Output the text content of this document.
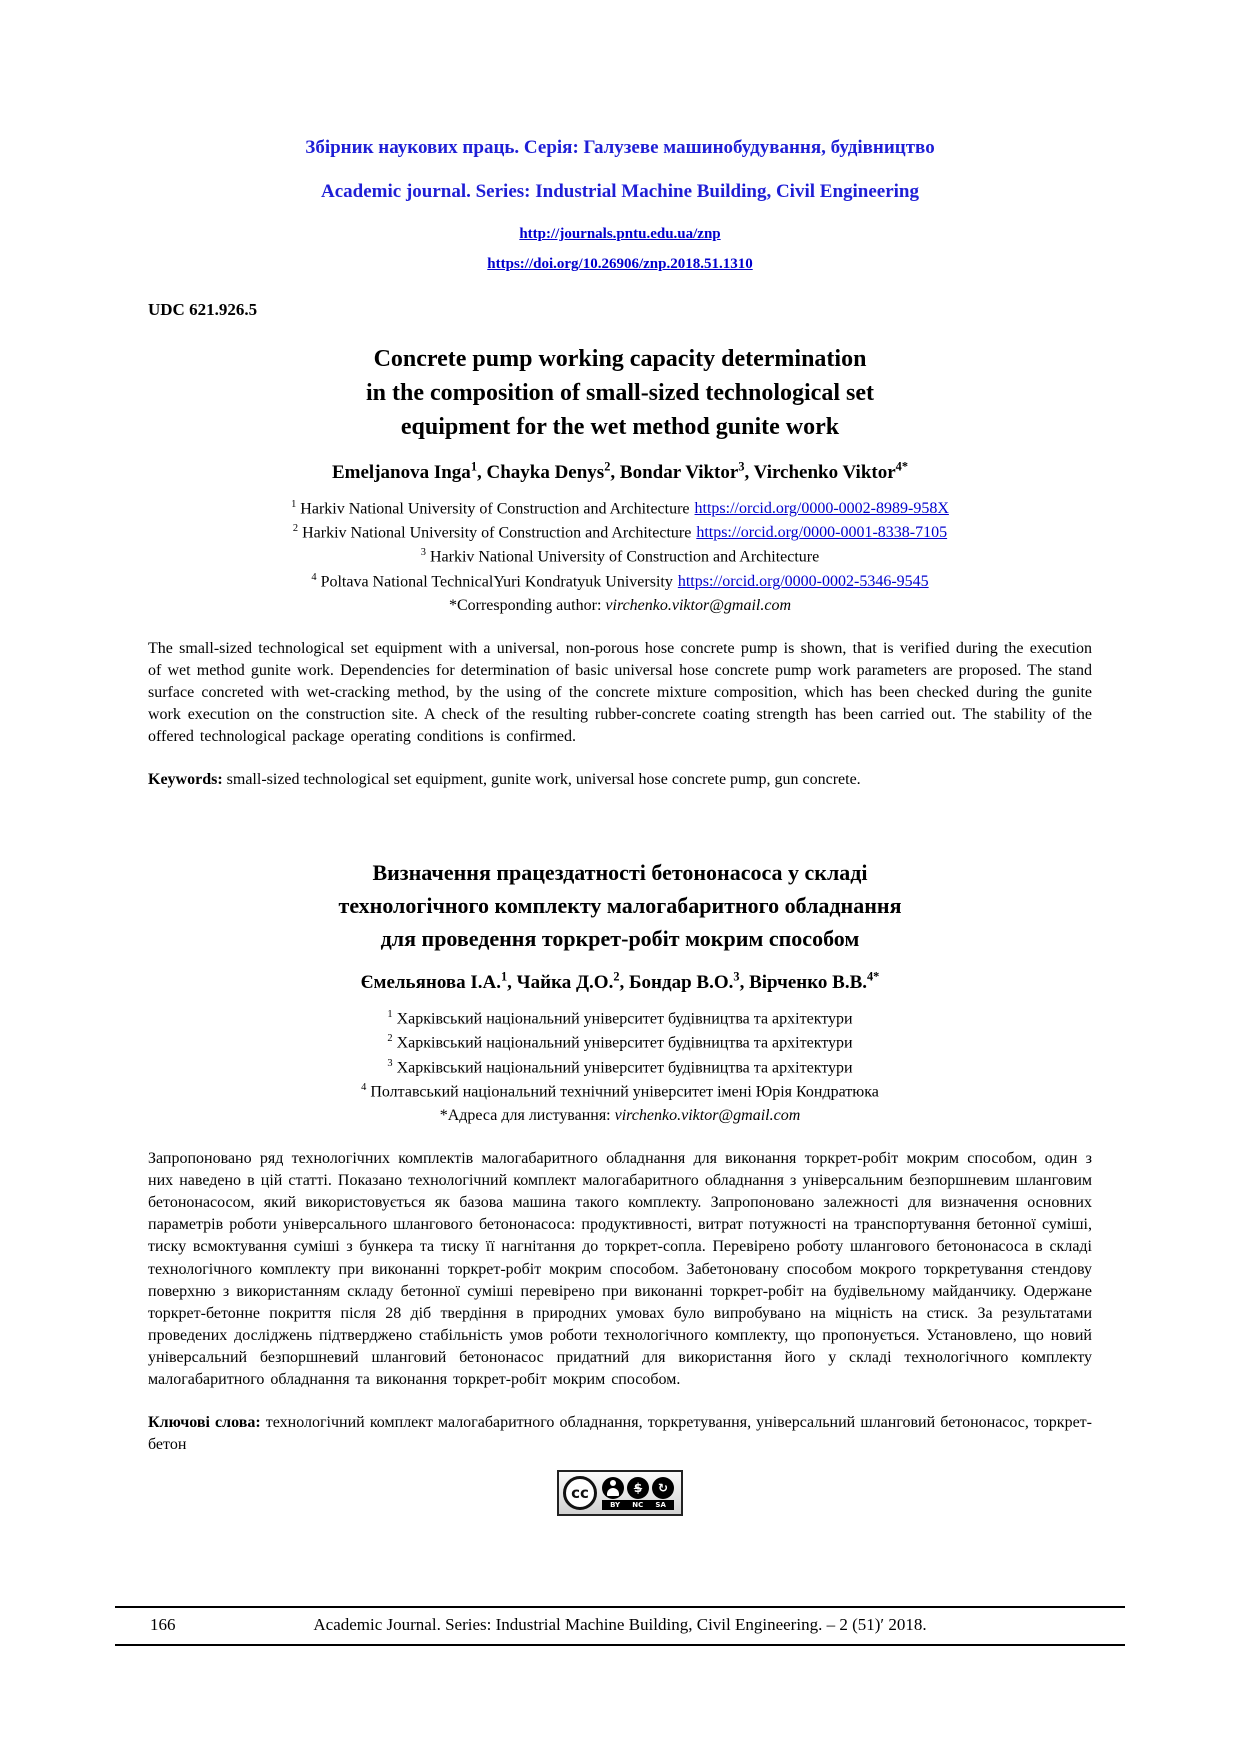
Збірник наукових праць. Серія: Галузеве машинобудування, будівництво
Academic journal. Series: Industrial Machine Building, Civil Engineering
http://journals.pntu.edu.ua/znp
https://doi.org/10.26906/znp.2018.51.1310
UDC 621.926.5
Concrete pump working capacity determination
in the composition of small-sized technological set
equipment for the wet method gunite work
Emeljanova Inga$^1$ , Chayka Denys$^2$ , Bondar Viktor$^3$ , Virchenko Viktor$^{4*}$
$^1$ Harkiv National University of Construction and Architecture https://orcid.org/0000-0002-8989-958X
$^2$ Harkiv National University of Construction and Architecture https://orcid.org/0000-0001-8338-7105
$^3$ Harkiv National University of Construction and Architecture
$^4$ Poltava National TechnicalYuri Kondratyuk University https://orcid.org/0000-0002-5346-9545
*Corresponding author: virchenko.viktor@gmail.com
The small-sized technological set equipment with a universal, non-porous hose concrete pump is shown, that is verified during the execution of wet method gunite work. Dependencies for determination of basic universal hose concrete pump work parameters are proposed. The stand surface concreted with wet-cracking method, by the using of the concrete mixture composition, which has been checked during the gunite work execution on the construction site. A check of the resulting rubber-concrete coating strength has been carried out. The stability of the offered technological package operating conditions is confirmed.
Keywords: small-sized technological set equipment, gunite work, universal hose concrete pump, gun concrete.
Визначення працездатності бетононасоса у складі
технологічного комплекту малогабаритного обладнання
для проведення торкрет-робіт мокрим способом
Ємельянова І.А.$^1$ , Чайка Д.О.$^2$ , Бондар В.О.$^3$ , Вірченко В.В.$^{4*}$
$^1$ Харківський національний університет будівництва та архітектури
$^2$ Харківський національний університет будівництва та архітектури
$^3$ Харківський національний університет будівництва та архітектури
$^4$ Полтавський національний технічний університет імені Юрія Кондратюка
*Адреса для листування: virchenko.viktor@gmail.com
Запропоновано ряд технологічних комплектів малогабаритного обладнання для виконання торкрет-робіт мокрим способом, один з них наведено в цій статті. Показано технологічний комплект малогабаритного обладнання з універсальним безпоршневим шланговим бетононасосом, який використовується як базова машина такого комплекту. Запропоновано залежності для визначення основних параметрів роботи універсального шлангового бетононасоса: продуктивності, витрат потужності на транспортування бетонної суміші, тиску всмоктування суміші з бункера та тиску її нагнітання до торкрет-сопла. Перевірено роботу шлангового бетононасоса в складі технологічного комплекту при виконанні торкрет-робіт мокрим способом. Забетоновану способом мокрого торкретування стендову поверхню з використанням складу бетонної суміші перевірено при виконанні торкрет-робіт на будівельному майданчику. Одержане торкрет-бетонне покриття після 28 діб твердіння в природних умовах було випробувано на міцність на стиск. За результатами проведених досліджень підтверджено стабільність умов роботи технологічного комплекту, що пропонується. Установлено, що новий універсальний безпоршневий шланговий бетононасос придатний для використання його у складі технологічного комплекту малогабаритного обладнання та виконання торкрет-робіт мокрим способом.
Ключові слова: технологічний комплект малогабаритного обладнання, торкретування, універсальний шланговий бетононасос, торкрет-бетон
cc	$ ↻
BY NC SA
166	Academic Journal. Series: Industrial Machine Building, Civil Engineering. – 2 (51)′ 2018.
